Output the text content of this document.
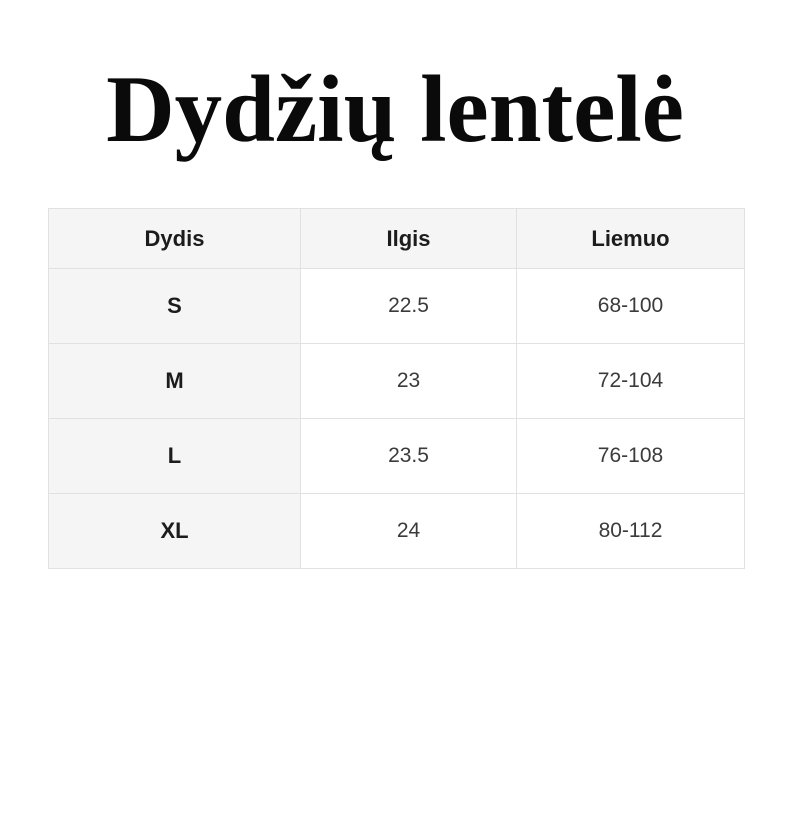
Dydžių lentelė
Dydis	Ilgis	Liemuo
S	22.5	68-100
M	23	72-104
L	23.5	76-108
XL	24	80-112
